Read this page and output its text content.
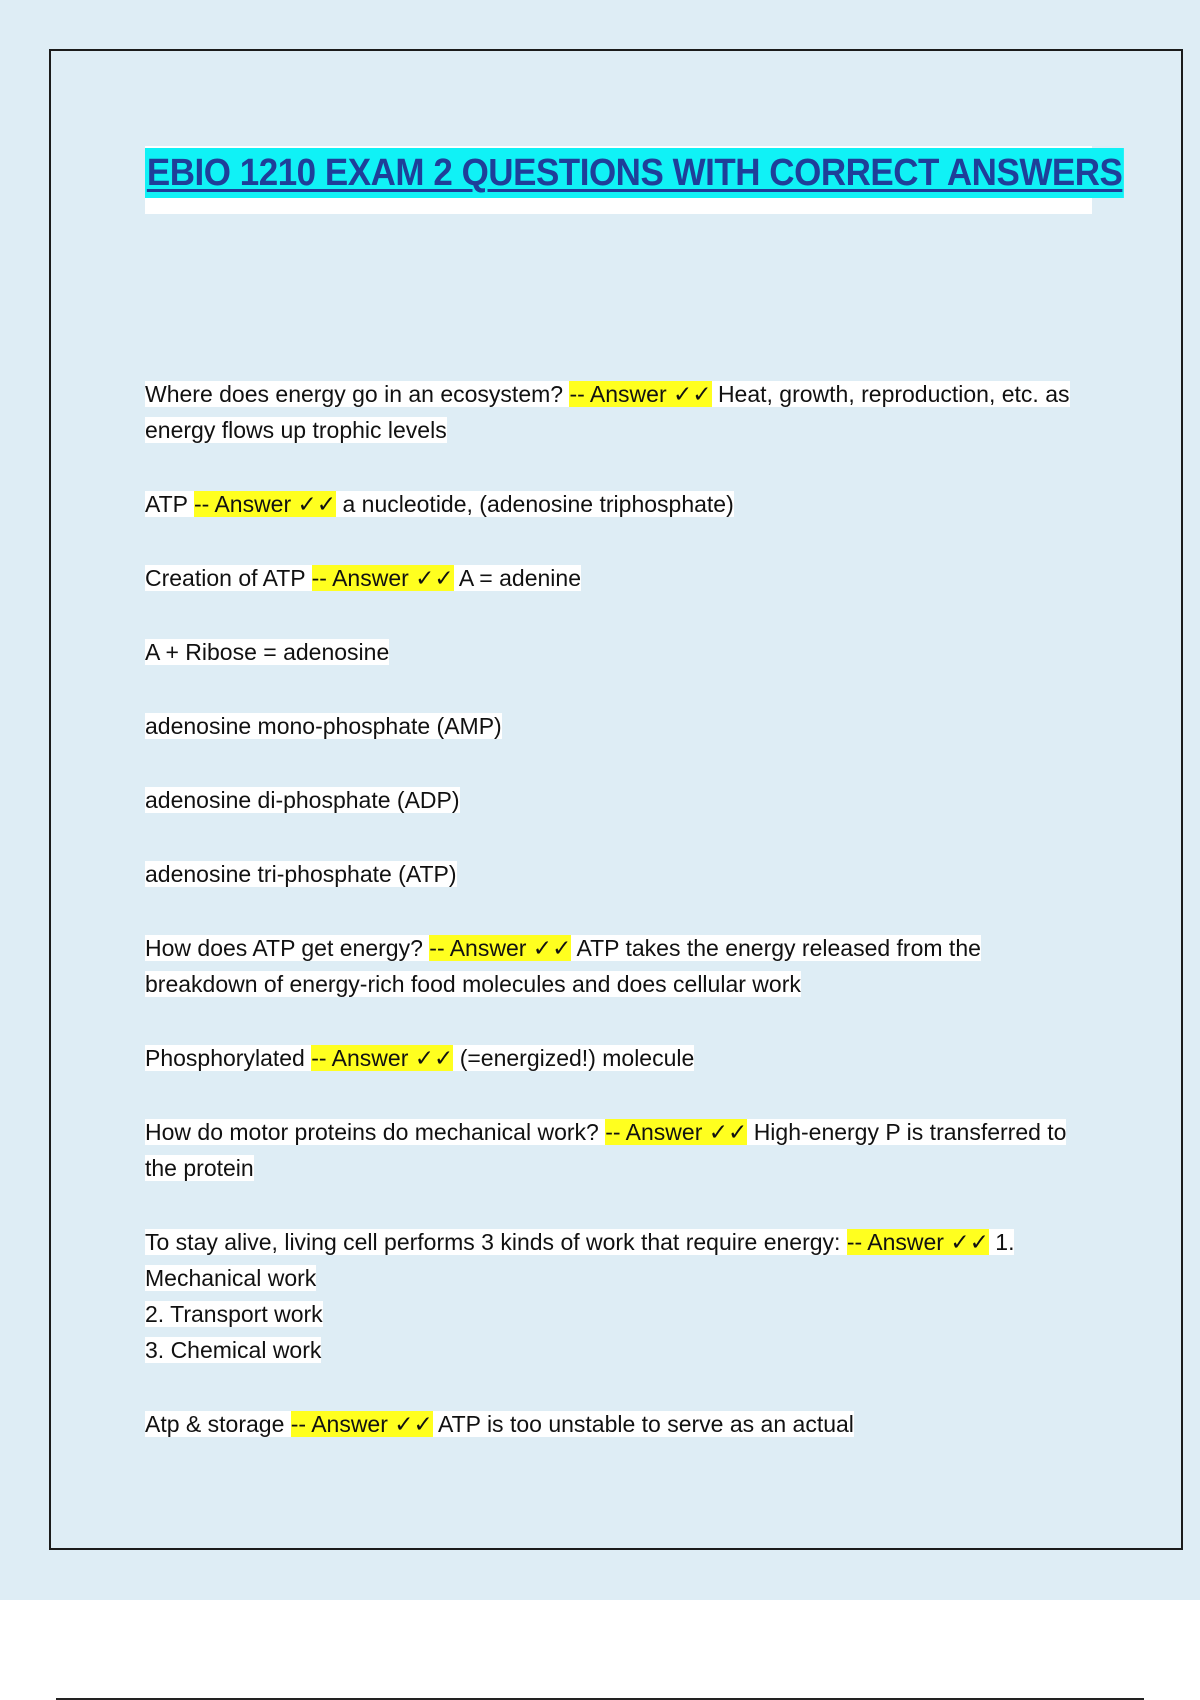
EBIO 1210 EXAM 2 QUESTIONS WITH CORRECT ANSWERS

Where does energy go in an ecosystem? -- Answer ✓✓ Heat, growth, reproduction, etc. as energy flows up trophic levels

ATP -- Answer ✓✓ a nucleotide, (adenosine triphosphate)

Creation of ATP -- Answer ✓✓ A = adenine

A + Ribose = adenosine

adenosine mono-phosphate (AMP)

adenosine di-phosphate (ADP)

adenosine tri-phosphate (ATP)

How does ATP get energy? -- Answer ✓✓ ATP takes the energy released from the breakdown of energy-rich food molecules and does cellular work

Phosphorylated -- Answer ✓✓ (=energized!) molecule

How do motor proteins do mechanical work? -- Answer ✓✓ High-energy P is transferred to the protein

To stay alive, living cell performs 3 kinds of work that require energy: -- Answer ✓✓ 1. Mechanical work
2. Transport work
3. Chemical work

Atp & storage -- Answer ✓✓ ATP is too unstable to serve as an actual
